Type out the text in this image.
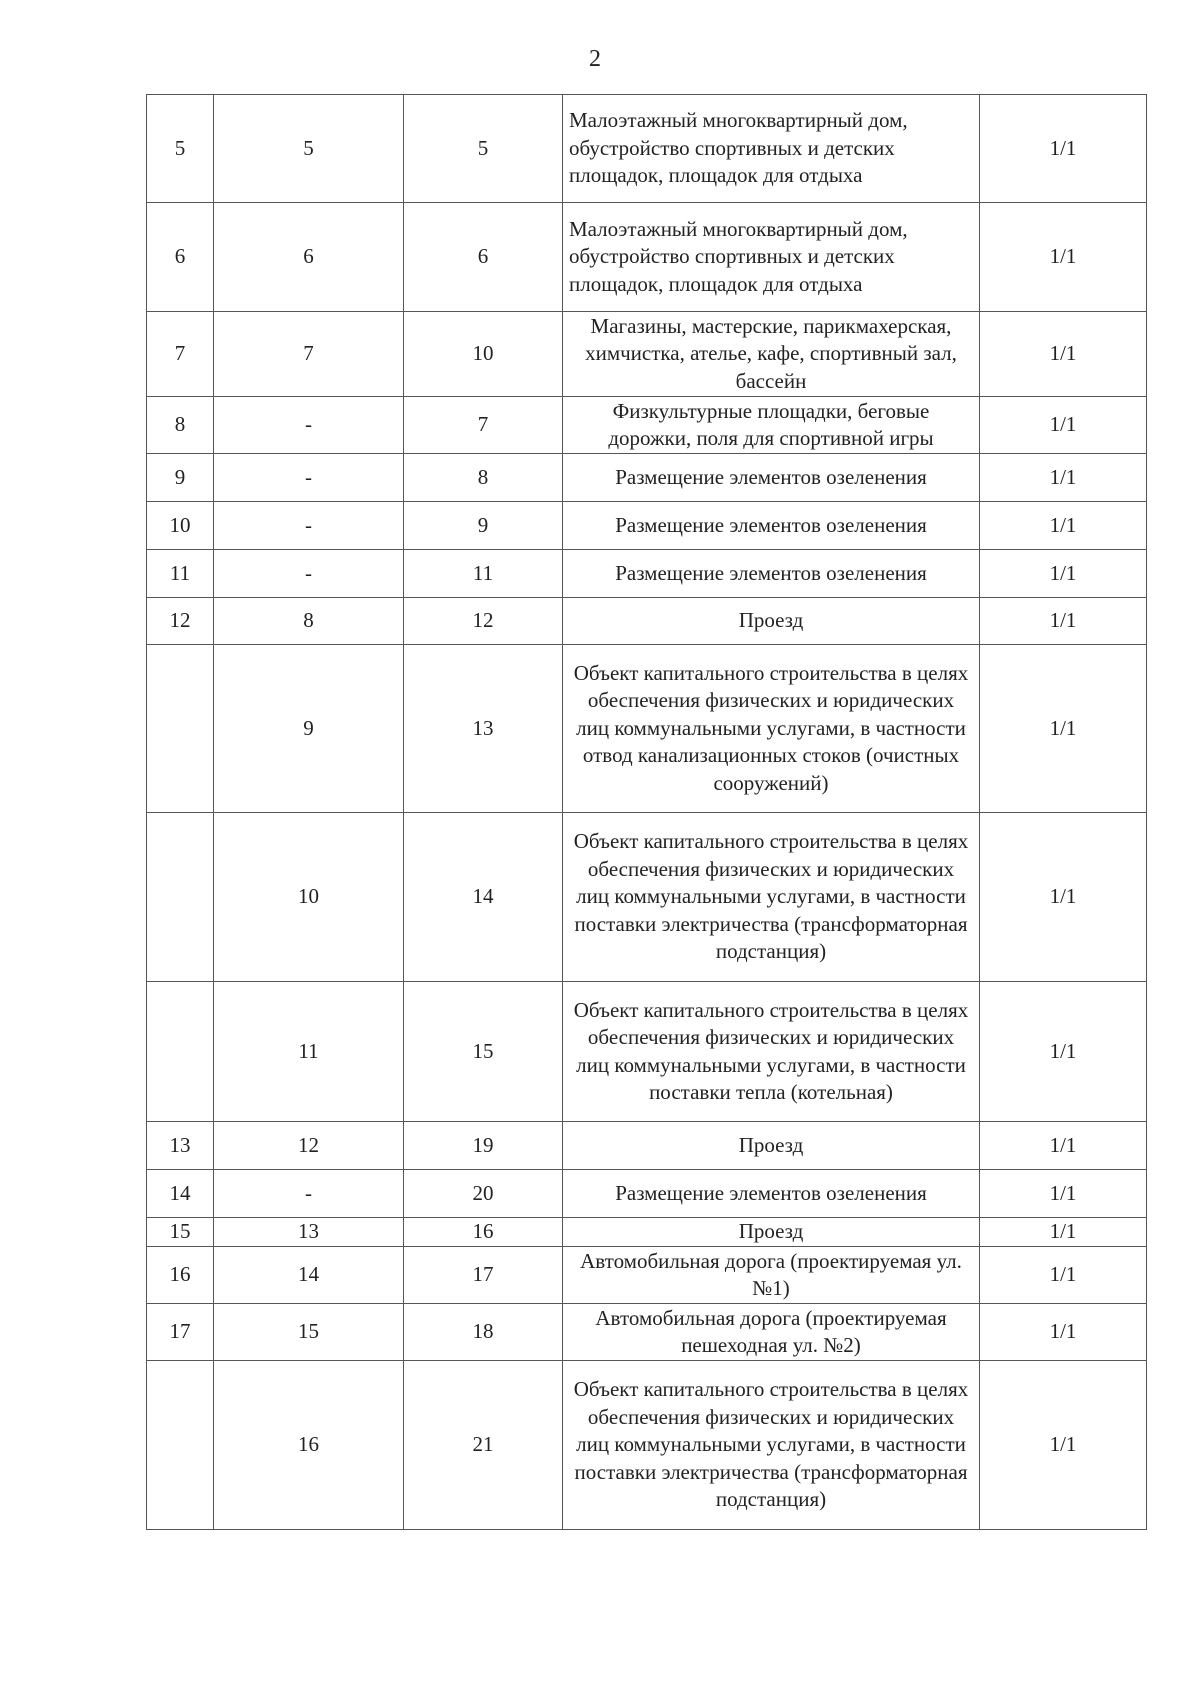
2
5	5	5	Малоэтажный многоквартирный дом, обустройство спортивных и детских площадок, площадок для отдыха	1/1
6	6	6	Малоэтажный многоквартирный дом, обустройство спортивных и детских площадок, площадок для отдыха	1/1
7	7	10	Магазины, мастерские, парикмахерская, химчистка, ателье, кафе, спортивный зал, бассейн	1/1
8	-	7	Физкультурные площадки, беговые дорожки, поля для спортивной игры	1/1
9	-	8	Размещение элементов озеленения	1/1
10	-	9	Размещение элементов озеленения	1/1
11	-	11	Размещение элементов озеленения	1/1
12	8	12	Проезд	1/1
	9	13	Объект капитального строительства в целях обеспечения физических и юридических лиц коммунальными услугами, в частности отвод канализационных стоков (очистных сооружений)	1/1
	10	14	Объект капитального строительства в целях обеспечения физических и юридических лиц коммунальными услугами, в частности поставки электричества (трансформаторная подстанция)	1/1
	11	15	Объект капитального строительства в целях обеспечения физических и юридических лиц коммунальными услугами, в частности поставки тепла (котельная)	1/1
13	12	19	Проезд	1/1
14	-	20	Размещение элементов озеленения	1/1
15	13	16	Проезд	1/1
16	14	17	Автомобильная дорога (проектируемая ул. №1)	1/1
17	15	18	Автомобильная дорога (проектируемая пешеходная ул. №2)	1/1
	16	21	Объект капитального строительства в целях обеспечения физических и юридических лиц коммунальными услугами, в частности поставки электричества (трансформаторная подстанция)	1/1
